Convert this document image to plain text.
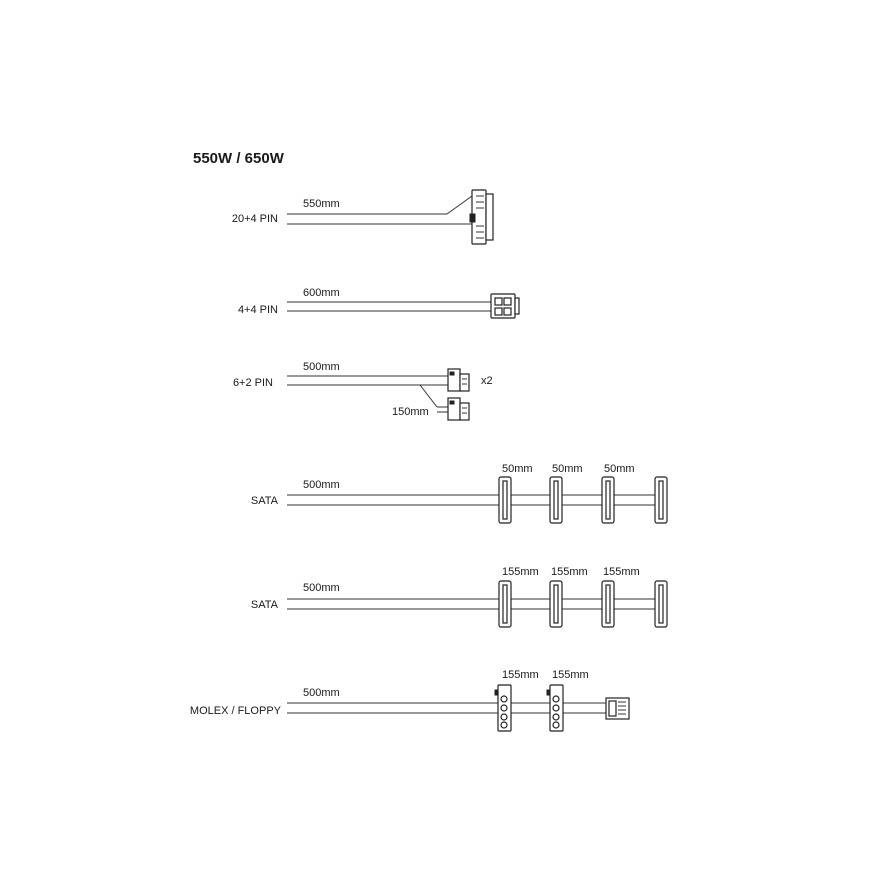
550W / 650W
20+4 PIN
550mm
4+4 PIN
600mm
6+2 PIN
500mm
150mm
x2
SATA
500mm
50mm 50mm 50mm
SATA
500mm
155mm 155mm 155mm
MOLEX / FLOPPY
500mm
155mm 155mm
